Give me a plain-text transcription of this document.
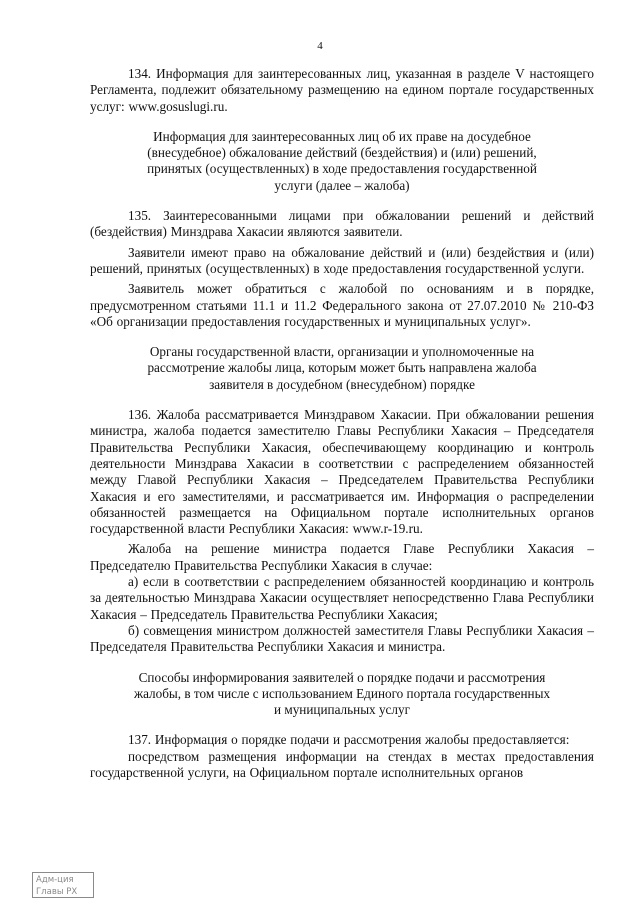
4

134. Информация для заинтересованных лиц, указанная в разделе V настоящего Регламента, подлежит обязательному размещению на едином портале государственных услуг: www.gosuslugi.ru.

Информация для заинтересованных лиц об их праве на досудебное (внесудебное) обжалование действий (бездействия) и (или) решений, принятых (осуществленных) в ходе предоставления государственной услуги (далее – жалоба)

135. Заинтересованными лицами при обжаловании решений и действий (бездействия) Минздрава Хакасии являются заявители.

Заявители имеют право на обжалование действий и (или) бездействия и (или) решений, принятых (осуществленных) в ходе предоставления государственной услуги.

Заявитель может обратиться с жалобой по основаниям и в порядке, предусмотренном статьями 11.1 и 11.2 Федерального закона от 27.07.2010 № 210-ФЗ «Об организации предоставления государственных и муниципальных услуг».

Органы государственной власти, организации и уполномоченные на рассмотрение жалобы лица, которым может быть направлена жалоба заявителя в досудебном (внесудебном) порядке

136. Жалоба рассматривается Минздравом Хакасии. При обжаловании решения министра, жалоба подается заместителю Главы Республики Хакасия – Председателя Правительства Республики Хакасия, обеспечивающему координацию и контроль деятельности Минздрава Хакасии в соответствии с распределением обязанностей между Главой Республики Хакасия – Председателем Правительства Республики Хакасия и его заместителями, и рассматривается им. Информация о распределении обязанностей размещается на Официальном портале исполнительных органов государственной власти Республики Хакасия: www.r-19.ru.

Жалоба на решение министра подается Главе Республики Хакасия – Председателю Правительства Республики Хакасия в случае:

а) если в соответствии с распределением обязанностей координацию и контроль за деятельностью Минздрава Хакасии осуществляет непосредственно Глава Республики Хакасия – Председатель Правительства Республики Хакасия;

б) совмещения министром должностей заместителя Главы Республики Хакасия – Председателя Правительства Республики Хакасия и министра.

Способы информирования заявителей о порядке подачи и рассмотрения жалобы, в том числе с использованием Единого портала государственных и муниципальных услуг

137. Информация о порядке подачи и рассмотрения жалобы предоставляется:

посредством размещения информации на стендах в местах предоставления государственной услуги, на Официальном портале исполнительных органов

Адм-ция
Главы РХ
